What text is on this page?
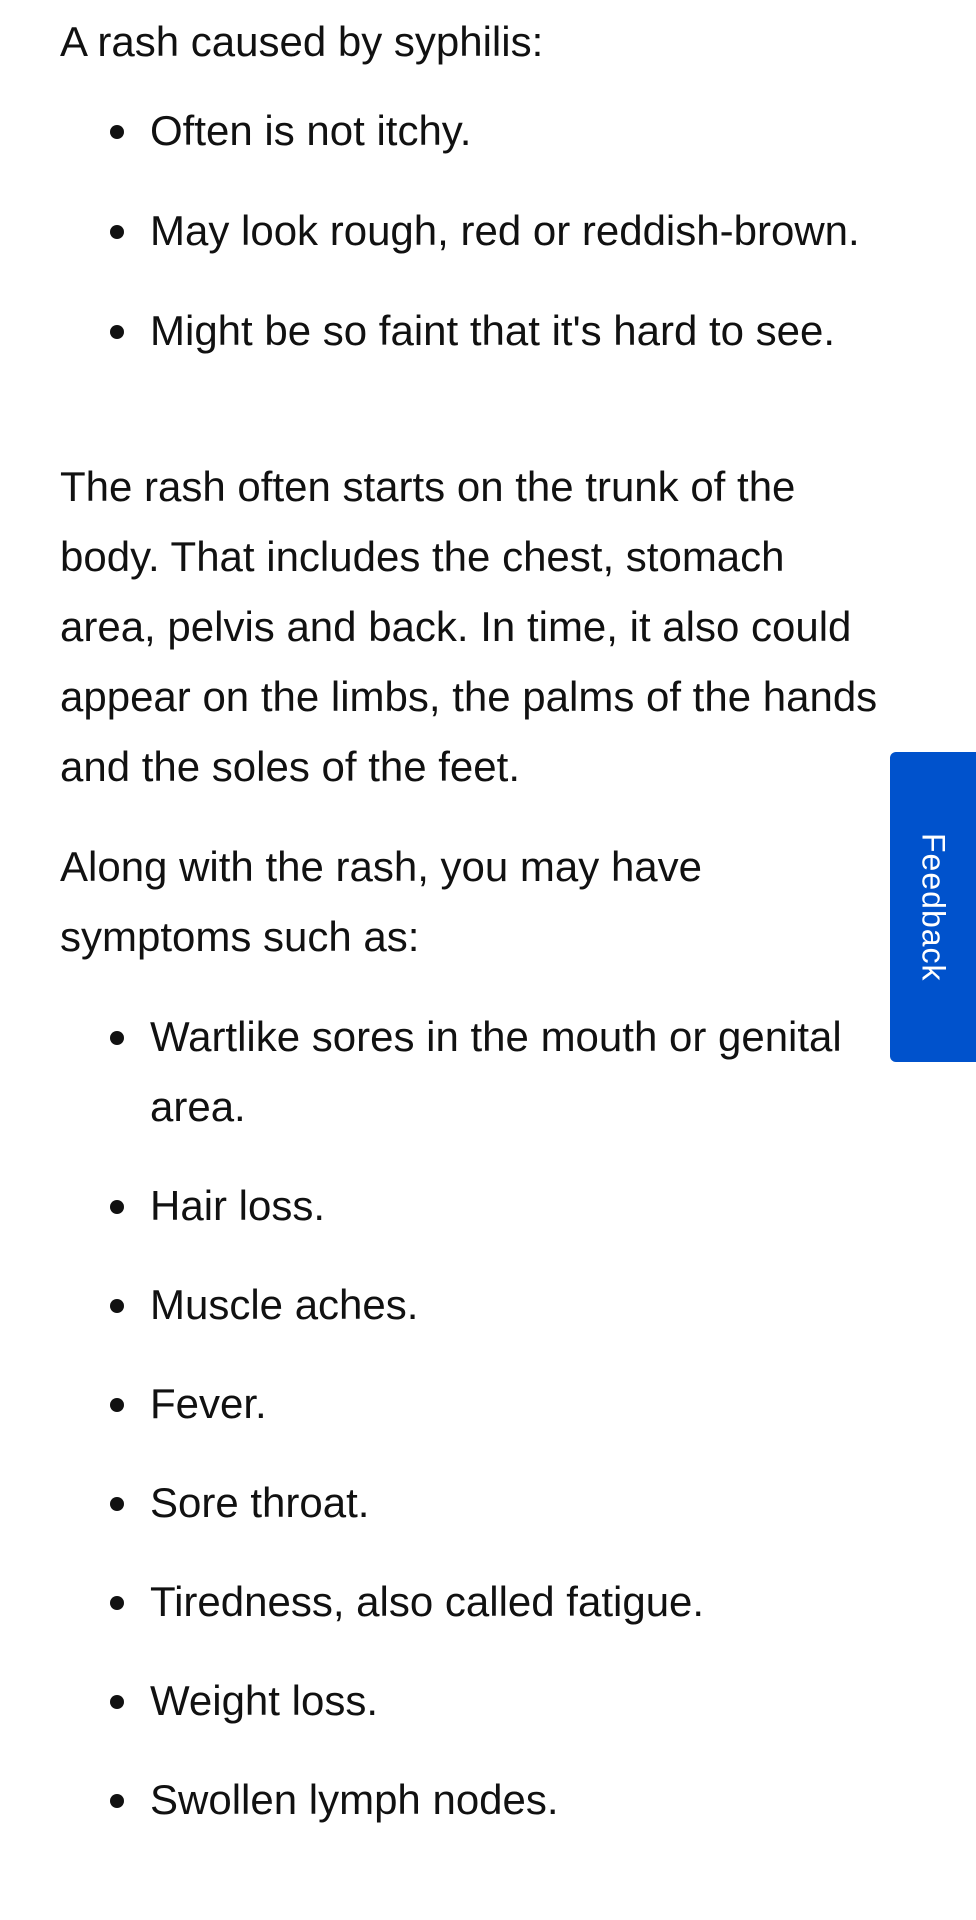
A rash caused by syphilis:

Often is not itchy.
May look rough, red or reddish-brown.
Might be so faint that it's hard to see.

The rash often starts on the trunk of the body. That includes the chest, stomach area, pelvis and back. In time, it also could appear on the limbs, the palms of the hands and the soles of the feet.

Along with the rash, you may have symptoms such as:

Wartlike sores in the mouth or genital area.
Hair loss.
Muscle aches.
Fever.
Sore throat.
Tiredness, also called fatigue.
Weight loss.
Swollen lymph nodes.
Feedback
